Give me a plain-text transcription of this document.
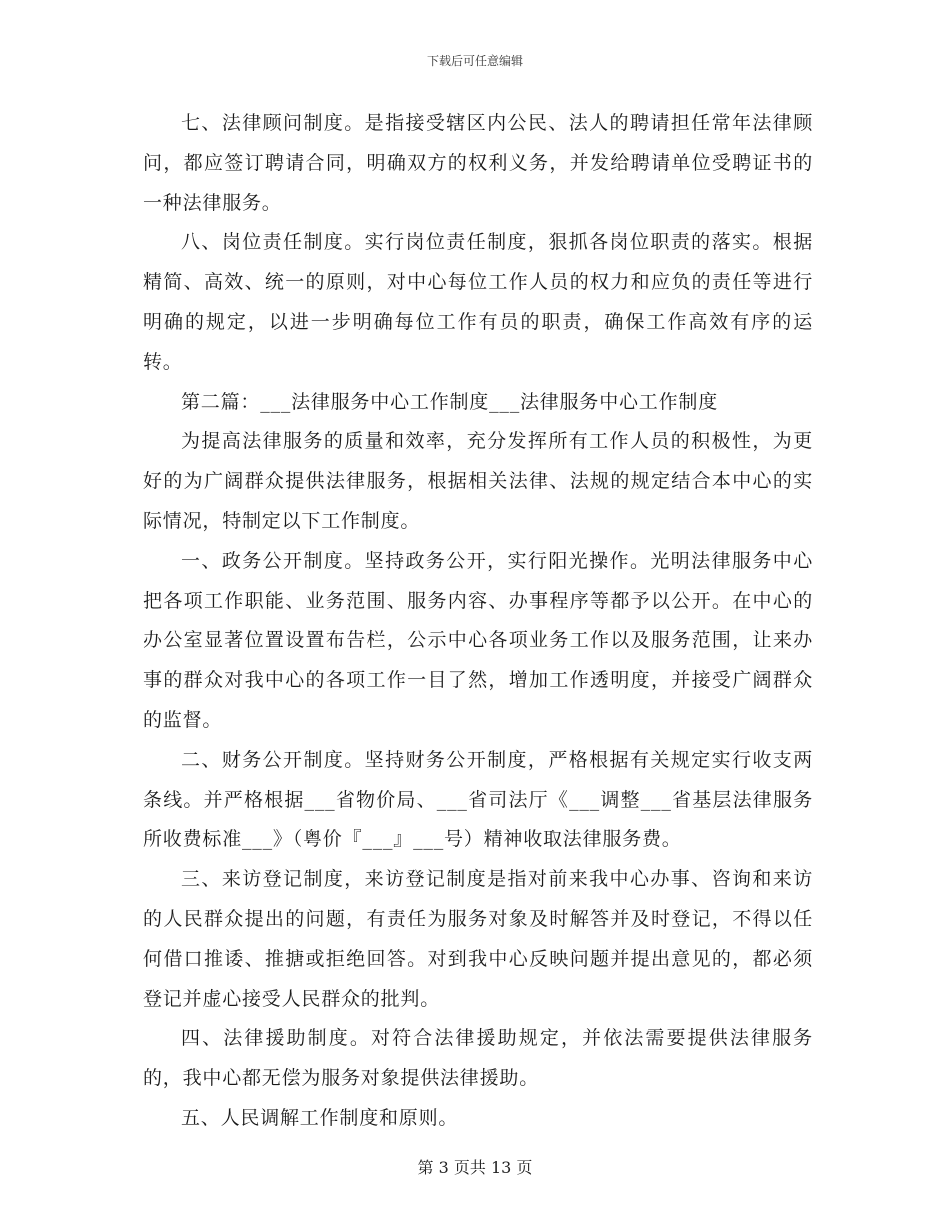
下载后可任意编辑

七、法律顾问制度。是指接受辖区内公民、法人的聘请担任常年法律顾问，都应签订聘请合同，明确双方的权利义务，并发给聘请单位受聘证书的一种法律服务。

八、岗位责任制度。实行岗位责任制度，狠抓各岗位职责的落实。根据精简、高效、统一的原则，对中心每位工作人员的权力和应负的责任等进行明确的规定，以进一步明确每位工作有员的职责，确保工作高效有序的运转。

第二篇：___法律服务中心工作制度___法律服务中心工作制度

为提高法律服务的质量和效率，充分发挥所有工作人员的积极性，为更好的为广阔群众提供法律服务，根据相关法律、法规的规定结合本中心的实际情况，特制定以下工作制度。

一、政务公开制度。坚持政务公开，实行阳光操作。光明法律服务中心把各项工作职能、业务范围、服务内容、办事程序等都予以公开。在中心的办公室显著位置设置布告栏，公示中心各项业务工作以及服务范围，让来办事的群众对我中心的各项工作一目了然，增加工作透明度，并接受广阔群众的监督。

二、财务公开制度。坚持财务公开制度，严格根据有关规定实行收支两条线。并严格根据___省物价局、___省司法厅《___调整___省基层法律服务所收费标准___》（粤价『___』___号）精神收取法律服务费。

三、来访登记制度，来访登记制度是指对前来我中心办事、咨询和来访的人民群众提出的问题，有责任为服务对象及时解答并及时登记，不得以任何借口推诿、推搪或拒绝回答。对到我中心反映问题并提出意见的，都必须登记并虚心接受人民群众的批判。

四、法律援助制度。对符合法律援助规定，并依法需要提供法律服务的，我中心都无偿为服务对象提供法律援助。

五、人民调解工作制度和原则。

第 3 页共 13 页
